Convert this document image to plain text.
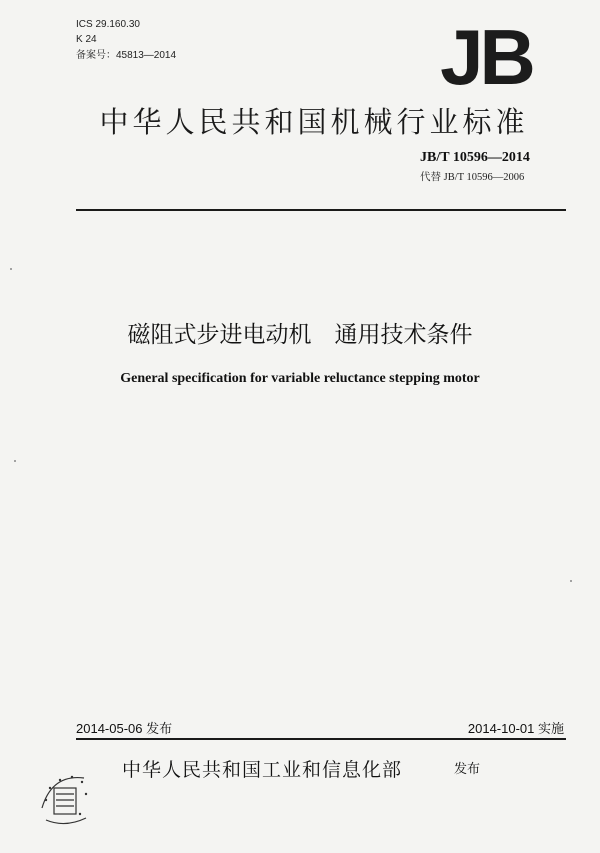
ICS 29.160.30
K 24
备案号：45813—2014	JB
中华人民共和国机械行业标准
JB/T 10596—2014
代替 JB/T 10596—2006
磁阻式步进电动机　通用技术条件
General specification for variable reluctance stepping motor
2014-05-06 发布	2014-10-01 实施
中华人民共和国工业和信息化部	发布
